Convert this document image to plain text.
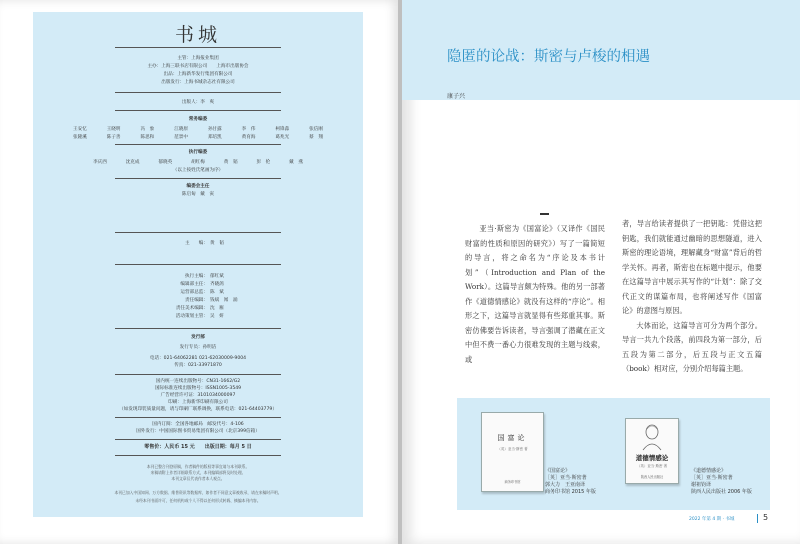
书城
主管：上海报业集团
主办：上海三联书店有限公司　　上海市出版协会
出品：上海新华发行集团有限公司
出版发行：上海书城杂志社有限公司
出版人：李　爽
常务编委
王安忆	王晓明	冯　象	江晓原	孙甘露	李　伟	柯锋淼	张信刚
张隆溪	陈子善	陈思和	范景中	郑培凯	黄育海	葛兆光	蔡　翔
执行编委
李庆西	沈克成	郁晓英	胡红梅	黄　韬	彭　伦	戴　燕
（以上按姓氏笔画为序）
编委会主任
陈启甸　戴　寅
主　　编： 黄　韬
执行主编： 郁红斌
编辑部主任： 齐晓鸽
运营部总监： 陈　斌
责任编辑： 钱斌　闻　涌
责任美术编辑： 沈　雁
活动策划主管： 吴　妍
发行部
发行专员：孙明洁
电话：021-64062281 021-62030009-9004
传真：021-33971870
国内统一连续出版物号：CN31-1662/G2
国际标准连续出版物号：ISSN1005-3549
广告经营许可证：3101034000097
印刷：上海新华印刷有限公司
（如发现印装质量问题，请与印刷厂联系调换，联系电话：021-64403779）
国内订阅：全国各地邮局　邮发代号：4-106
国外发行：中国国际图书贸易集团有限公司（北京399信箱）
零售价：人民币 15 元　　出版日期：每月 5 日
本刊已整合刊登原稿，作者稿件的版权等事宜请与本刊联系。
来稿请附上作者详细联系方式，本刊编辑部将及时处理。
本刊文章仅代表作者本人观点。
本刊已加入中国知网、万方数据、维普资讯等数据库，如作者不同意文章被收录，请在来稿时声明。
未经本刊书面许可，任何机构或个人不得以任何形式转载、摘编本刊内容。
隐匿的论战：斯密与卢梭的相遇
康子兴

亚当·斯密为《国富论》（又译作《国民财富的性质和原因的研究》）写了一篇简短的导言，将之命名为“序论及本书计划”（Introduction and Plan of the Work）。这篇导言颇为特殊。他的另一部著作《道德情感论》就没有这样的“序论”。相形之下，这篇导言就显得有些郑重其事。斯密仿佛要告诉读者，导言强调了潜藏在正文中但不费一番心力很难发现的主题与线索，或

者，导言给读者提供了一把钥匙：凭借这把钥匙，我们就能通过幽暗的思想隧道，进入斯密的理论语境，理解藏身“财富”背后的哲学关怀。再者，斯密也在标题中提示，他要在这篇导言中展示其写作的“计划”：除了交代正文的谋篇布局，也将阐述写作《国富论》的意图与原因。

大体而论，这篇导言可分为两个部分。导言一共九个段落，前四段为第一部分，后五段为第二部分，后五段与正文五篇（book）相对应，分别介绍每篇主题。

国富论
（英）亚当·斯密 著
商务印书馆
道德情感论
（英）亚当·斯密 著
陕西人民出版社
《国富论》
［英］亚当·斯密著
郭大力　王亚南译
商务印书馆 2015 年版
《道德情感论》
［英］亚当·斯密著
谢祖钧译
陕西人民出版社 2006 年版
2022 年第 4 期 · 书城	5
